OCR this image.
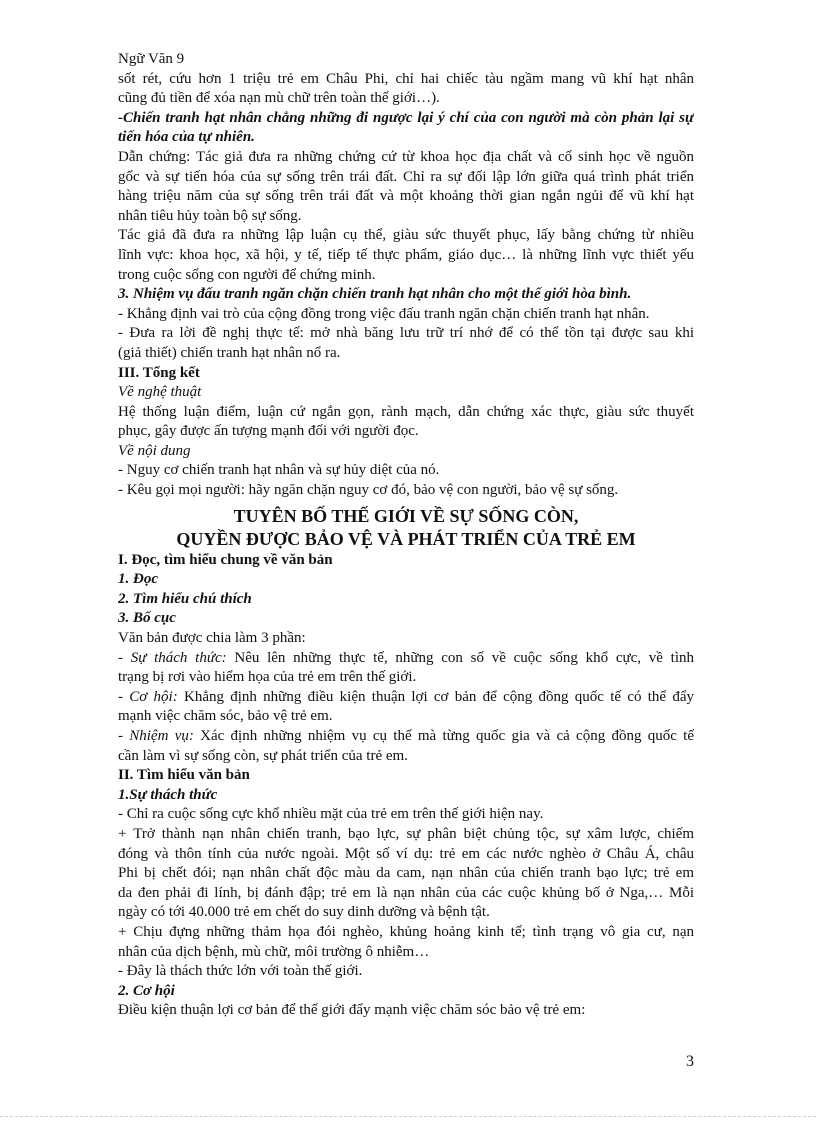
Ngữ Văn 9

sốt rét, cứu hơn 1 triệu trẻ em Châu Phi, chỉ hai chiếc tàu ngầm mang vũ khí hạt nhân

cũng đủ tiền để xóa nạn mù chữ trên toàn thế giới…).

-Chiến tranh hạt nhân chẳng những đi ngược lại ý chí của con người mà còn phản lại sự

tiến hóa của tự nhiên.

Dẫn chứng: Tác giả đưa ra những chứng cứ từ khoa học địa chất và cổ sinh học về nguồn

gốc và sự tiến hóa của sự sống trên trái đất. Chỉ ra sự đối lập lớn giữa quá trình phát triển

hàng triệu năm của sự sống trên trái đất và một khoảng thời gian ngắn ngủi để vũ khí hạt

nhân tiêu hủy toàn bộ sự sống.

Tác giả đã đưa ra những lập luận cụ thể, giàu sức thuyết phục, lấy bằng chứng từ nhiều

lĩnh vực: khoa học, xã hội, y tế, tiếp tế thực phẩm, giáo dục… là những lĩnh vực thiết yếu

trong cuộc sống con người để chứng minh.

3. Nhiệm vụ đấu tranh ngăn chặn chiến tranh hạt nhân cho một thế giới hòa bình.

- Khẳng định vai trò của cộng đồng trong việc đấu tranh ngăn chặn chiến tranh hạt nhân.

- Đưa ra lời đề nghị thực tế: mở nhà băng lưu trữ trí nhớ để có thể tồn tại được sau khi

(giả thiết) chiến tranh hạt nhân nổ ra.

III. Tổng kết

Về nghệ thuật

Hệ thống luận điểm, luận cứ ngắn gọn, rành mạch, dẫn chứng xác thực, giàu sức thuyết

phục, gây được ấn tượng mạnh đối với người đọc.

Về nội dung

- Nguy cơ chiến tranh hạt nhân và sự hủy diệt của nó.

- Kêu gọi mọi người: hãy ngăn chặn nguy cơ đó, bảo vệ con người, bảo vệ sự sống.

TUYÊN BỐ THẾ GIỚI VỀ SỰ SỐNG CÒN,

QUYỀN ĐƯỢC BẢO VỆ VÀ PHÁT TRIỂN CỦA TRẺ EM

I. Đọc, tìm hiểu chung về văn bản

1. Đọc

2. Tìm hiểu chú thích

3. Bố cục

Văn bản được chia làm 3 phần:

- Sự thách thức: Nêu lên những thực tế, những con số về cuộc sống khổ cực, về tình

trạng bị rơi vào hiểm họa của trẻ em trên thế giới.

- Cơ hội: Khẳng định những điều kiện thuận lợi cơ bản để cộng đồng quốc tế có thể đẩy

mạnh việc chăm sóc, bảo vệ trẻ em.

- Nhiệm vụ: Xác định những nhiệm vụ cụ thể mà từng quốc gia và cả cộng đồng quốc tế

cần làm vì sự sống còn, sự phát triển của trẻ em.

II. Tìm hiểu văn bản

1.Sự thách thức

- Chỉ ra cuộc sống cực khổ nhiều mặt của trẻ em trên thế giới hiện nay.

+ Trở thành nạn nhân chiến tranh, bạo lực, sự phân biệt chủng tộc, sự xâm lược, chiếm

đóng và thôn tính của nước ngoài. Một số ví dụ: trẻ em các nước nghèo ở Châu Á, châu

Phi bị chết đói; nạn nhân chất độc màu da cam, nạn nhân của chiến tranh bạo lực; trẻ em

da đen phải đi lính, bị đánh đập; trẻ em là nạn nhân của các cuộc khủng bố ở Nga,… Mỗi

ngày có tới 40.000 trẻ em chết do suy dinh dưỡng và bệnh tật.

+ Chịu đựng những thảm họa đói nghèo, khủng hoảng kinh tế; tình trạng vô gia cư, nạn

nhân của dịch bệnh, mù chữ, môi trường ô nhiễm…

- Đây là thách thức lớn với toàn thế giới.

2. Cơ hội

Điều kiện thuận lợi cơ bản để thế giới đẩy mạnh việc chăm sóc bảo vệ trẻ em:

3
